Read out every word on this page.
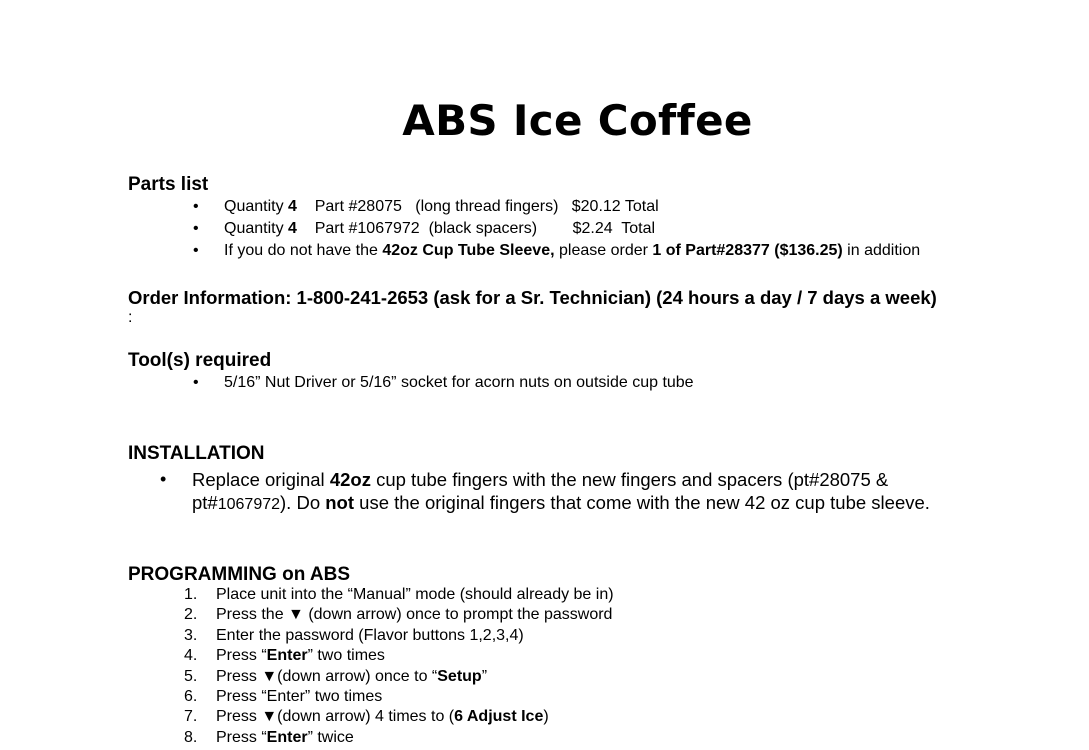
ABS Ice Coffee
Parts list
• Quantity 4    Part #28075   (long thread fingers)   $20.12 Total
• Quantity 4    Part #1067972  (black spacers)        $2.24  Total
• If you do not have the 42oz Cup Tube Sleeve, please order 1 of Part#28377 ($136.25) in addition
Order Information: 1-800-241-2653 (ask for a Sr. Technician) (24 hours a day / 7 days a week)
:
Tool(s) required
• 5/16” Nut Driver or 5/16” socket for acorn nuts on outside cup tube
INSTALLATION
• Replace original 42oz cup tube fingers with the new fingers and spacers (pt#28075 &
pt#1067972). Do not use the original fingers that come with the new 42 oz cup tube sleeve.
PROGRAMMING on ABS
1. Place unit into the “Manual” mode (should already be in)
2. Press the ▼ (down arrow) once to prompt the password
3. Enter the password (Flavor buttons 1,2,3,4)
4. Press “Enter” two times
5. Press ▼(down arrow) once to “Setup”
6. Press “Enter” two times
7. Press ▼(down arrow) 4 times to (6 Adjust Ice)
8. Press “Enter” twice
